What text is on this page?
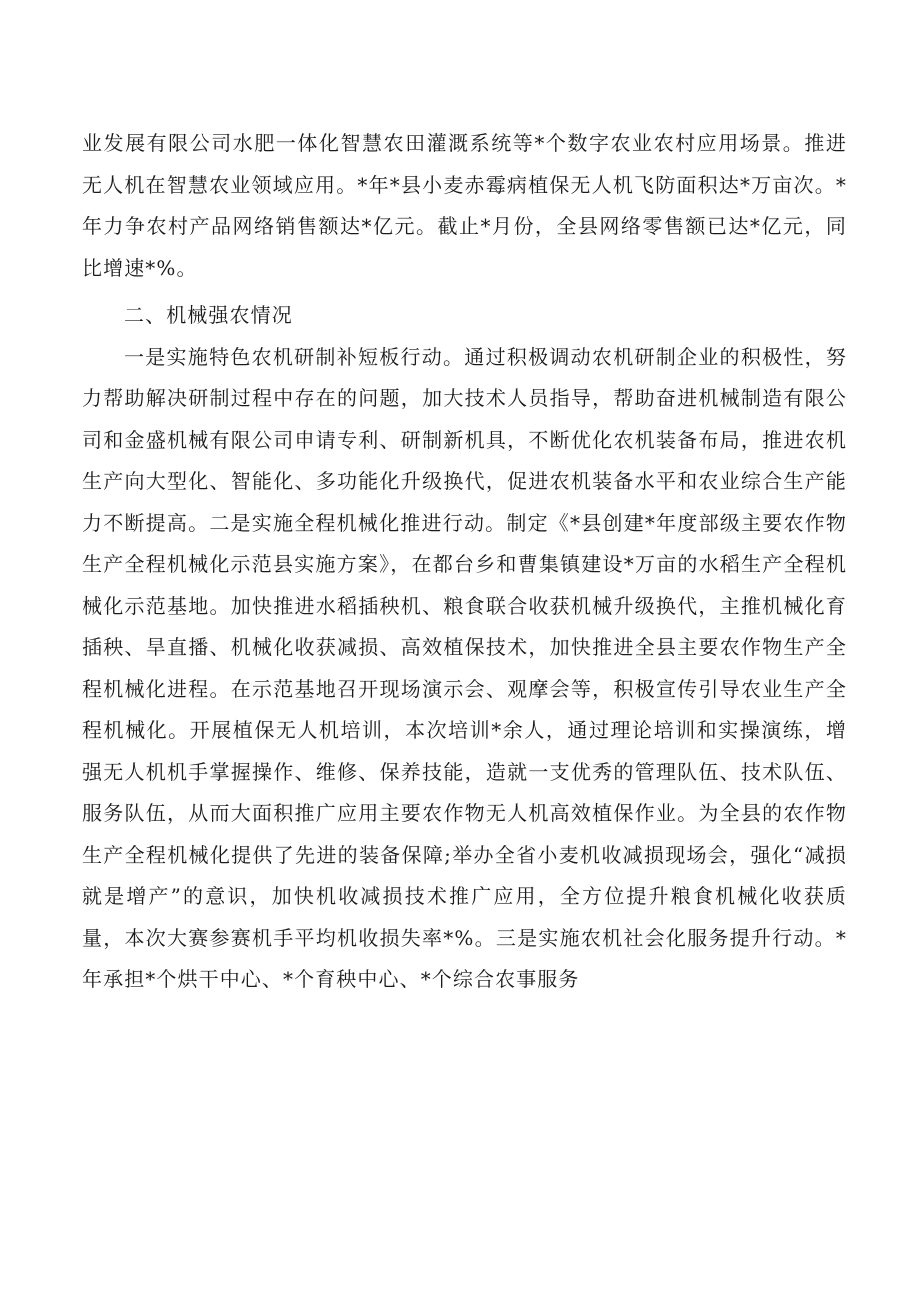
业发展有限公司水肥一体化智慧农田灌溉系统等*个数字农业农村应用场景。推进无人机在智慧农业领域应用。*年*县小麦赤霉病植保无人机飞防面积达*万亩次。*年力争农村产品网络销售额达*亿元。截止*月份，全县网络零售额已达*亿元，同比增速*%。

二、机械强农情况

一是实施特色农机研制补短板行动。通过积极调动农机研制企业的积极性，努力帮助解决研制过程中存在的问题，加大技术人员指导，帮助奋进机械制造有限公司和金盛机械有限公司申请专利、研制新机具，不断优化农机装备布局，推进农机生产向大型化、智能化、多功能化升级换代，促进农机装备水平和农业综合生产能力不断提高。二是实施全程机械化推进行动。制定《*县创建*年度部级主要农作物生产全程机械化示范县实施方案》，在都台乡和曹集镇建设*万亩的水稻生产全程机械化示范基地。加快推进水稻插秧机、粮食联合收获机械升级换代，主推机械化育插秧、旱直播、机械化收获减损、高效植保技术，加快推进全县主要农作物生产全程机械化进程。在示范基地召开现场演示会、观摩会等，积极宣传引导农业生产全程机械化。开展植保无人机培训，本次培训*余人，通过理论培训和实操演练，增强无人机机手掌握操作、维修、保养技能，造就一支优秀的管理队伍、技术队伍、服务队伍，从而大面积推广应用主要农作物无人机高效植保作业。为全县的农作物生产全程机械化提供了先进的装备保障;举办全省小麦机收减损现场会，强化“减损就是增产”的意识，加快机收减损技术推广应用，全方位提升粮食机械化收获质量，本次大赛参赛机手平均机收损失率*%。三是实施农机社会化服务提升行动。*年承担*个烘干中心、*个育秧中心、*个综合农事服务
